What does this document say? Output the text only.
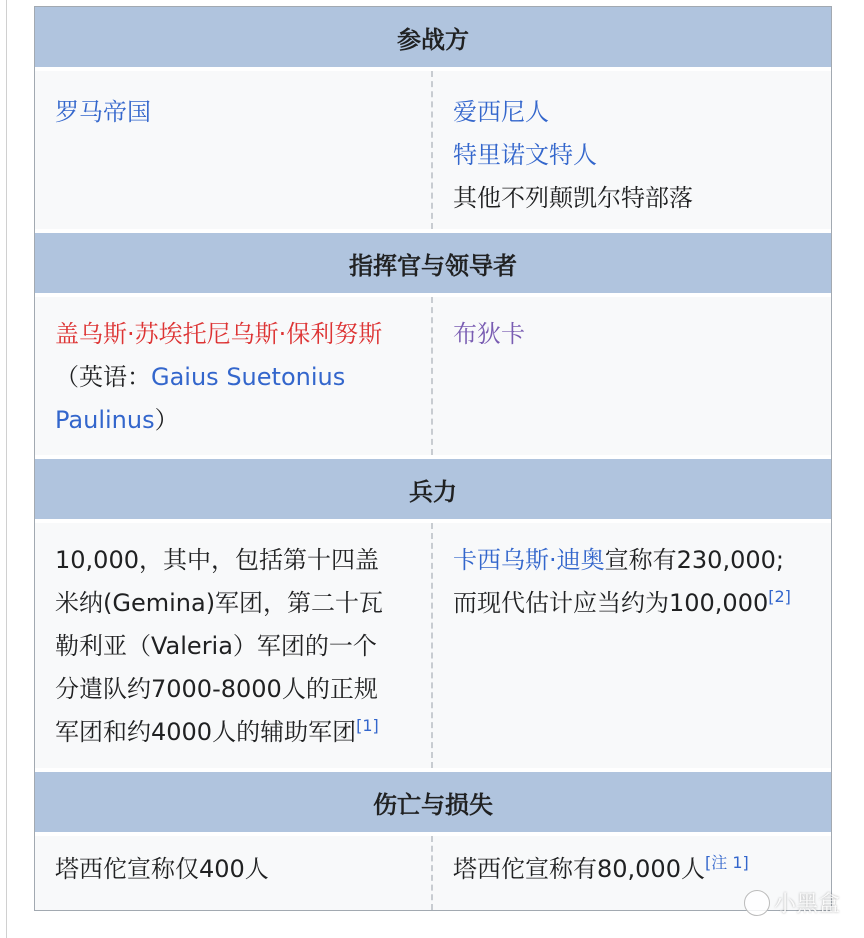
参战方
罗马帝国	爱西尼人
特里诺文特人
其他不列颠凯尔特部落
指挥官与领导者
盖乌斯·苏埃托尼乌斯·保利努斯
（英语：Gaius Suetonius
Paulinus）
布狄卡
兵力
10,000，其中，包括第十四盖
米纳(Gemina)军团，第二十瓦
勒利亚（Valeria）军团的一个
分遣队约7000-8000人的正规
军团和约4000人的辅助军团[1]
卡西乌斯·迪奥宣称有230,000;
而现代估计应当约为100,000[2]
伤亡与损失
塔西佗宣称仅400人	塔西佗宣称有80,000人[注 1]
小黑盒
